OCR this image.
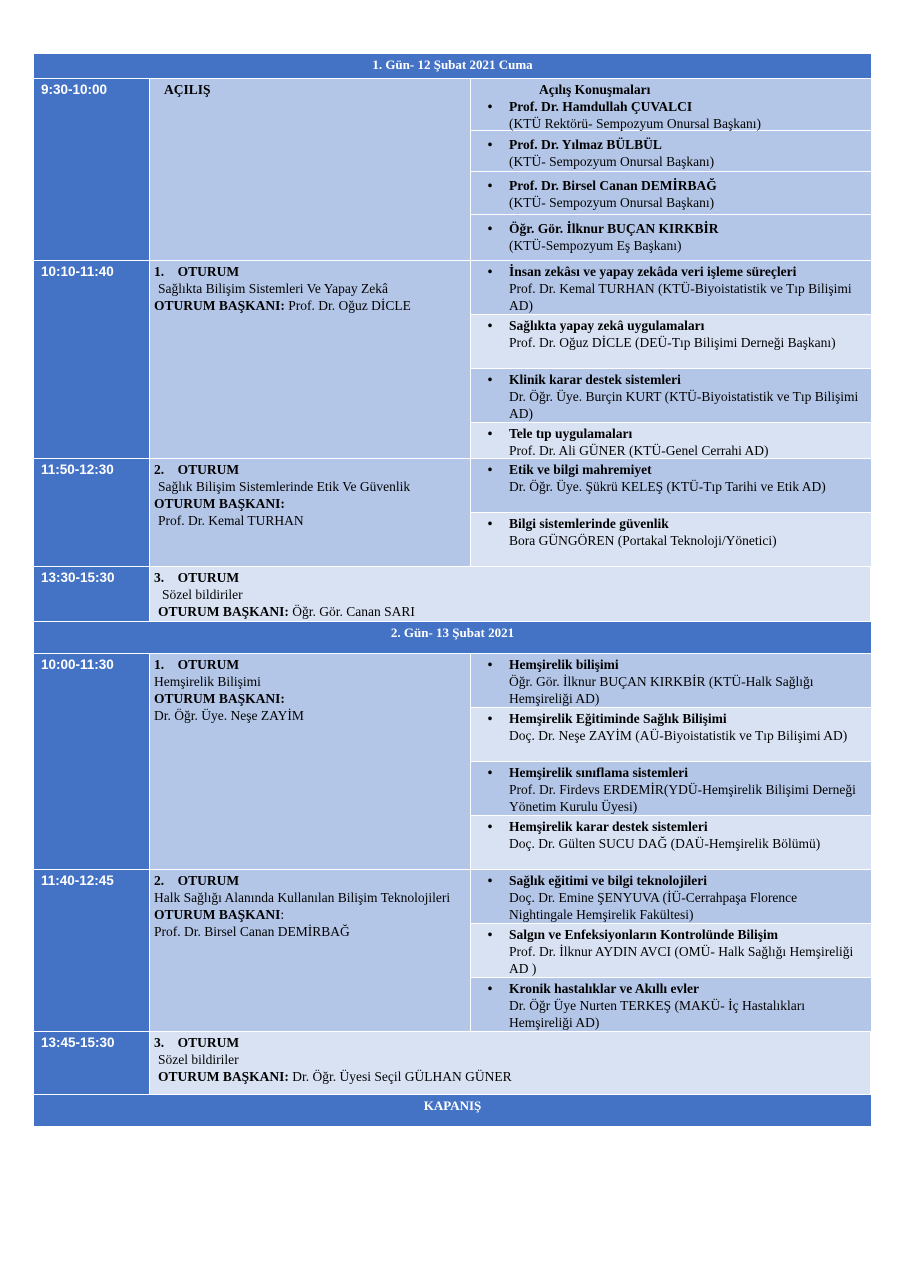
1. Gün- 12 Şubat 2021 Cuma
9:30-10:00	AÇILIŞ	Açılış Konuşmaları
•	Prof. Dr. Hamdullah ÇUVALCI
(KTÜ Rektörü- Sempozyum Onursal Başkanı)
•	Prof. Dr. Yılmaz BÜLBÜL
(KTÜ- Sempozyum Onursal Başkanı)
•	Prof. Dr. Birsel Canan DEMİRBAĞ
(KTÜ- Sempozyum Onursal Başkanı)
•	Öğr. Gör. İlknur BUÇAN KIRKBİR
(KTÜ-Sempozyum Eş Başkanı)
10:10-11:40	1. OTURUM
Sağlıkta Bilişim Sistemleri Ve Yapay Zekâ
OTURUM BAŞKANI: Prof. Dr. Oğuz DİCLE
•	İnsan zekâsı ve yapay zekâda veri işleme süreçleri
Prof. Dr. Kemal TURHAN (KTÜ-Biyoistatistik ve Tıp Bilişimi AD)
•	Sağlıkta yapay zekâ uygulamaları
Prof. Dr. Oğuz DİCLE (DEÜ-Tıp Bilişimi Derneği Başkanı)
•	Klinik karar destek sistemleri
Dr. Öğr. Üye. Burçin KURT (KTÜ-Biyoistatistik ve Tıp Bilişimi AD)
•	Tele tıp uygulamaları
Prof. Dr. Ali GÜNER (KTÜ-Genel Cerrahi AD)
11:50-12:30	2. OTURUM
Sağlık Bilişim Sistemlerinde Etik Ve Güvenlik
OTURUM BAŞKANI:
Prof. Dr. Kemal TURHAN
•	Etik ve bilgi mahremiyet
Dr. Öğr. Üye. Şükrü KELEŞ (KTÜ-Tıp Tarihi ve Etik AD)
•	Bilgi sistemlerinde güvenlik
Bora GÜNGÖREN (Portakal Teknoloji/Yönetici)
13:30-15:30	3. OTURUM
Sözel bildiriler
OTURUM BAŞKANI: Öğr. Gör. Canan SARI
2. Gün- 13 Şubat 2021
10:00-11:30	1. OTURUM
Hemşirelik Bilişimi
OTURUM BAŞKANI:
Dr. Öğr. Üye. Neşe ZAYİM
•	Hemşirelik bilişimi
Öğr. Gör. İlknur BUÇAN KIRKBİR (KTÜ-Halk Sağlığı Hemşireliği AD)
•	Hemşirelik Eğitiminde Sağlık Bilişimi
Doç. Dr. Neşe ZAYİM (AÜ-Biyoistatistik ve Tıp Bilişimi AD)
•	Hemşirelik sınıflama sistemleri
Prof. Dr. Firdevs ERDEMİR(YDÜ-Hemşirelik Bilişimi Derneği Yönetim Kurulu Üyesi)
•	Hemşirelik karar destek sistemleri
Doç. Dr. Gülten SUCU DAĞ (DAÜ-Hemşirelik Bölümü)
11:40-12:45	2. OTURUM
Halk Sağlığı Alanında Kullanılan Bilişim Teknolojileri
OTURUM BAŞKANI:
Prof. Dr. Birsel Canan DEMİRBAĞ
•	Sağlık eğitimi ve bilgi teknolojileri
Doç. Dr. Emine ŞENYUVA (İÜ-Cerrahpaşa Florence Nightingale Hemşirelik Fakültesi)
•	Salgın ve Enfeksiyonların Kontrolünde Bilişim
Prof. Dr. İlknur AYDIN AVCI (OMÜ- Halk Sağlığı Hemşireliği AD )
•	Kronik hastalıklar ve Akıllı evler
Dr. Öğr Üye Nurten TERKEŞ (MAKÜ- İç Hastalıkları Hemşireliği AD)
13:45-15:30	3. OTURUM
Sözel bildiriler
OTURUM BAŞKANI: Dr. Öğr. Üyesi Seçil GÜLHAN GÜNER
KAPANIŞ
